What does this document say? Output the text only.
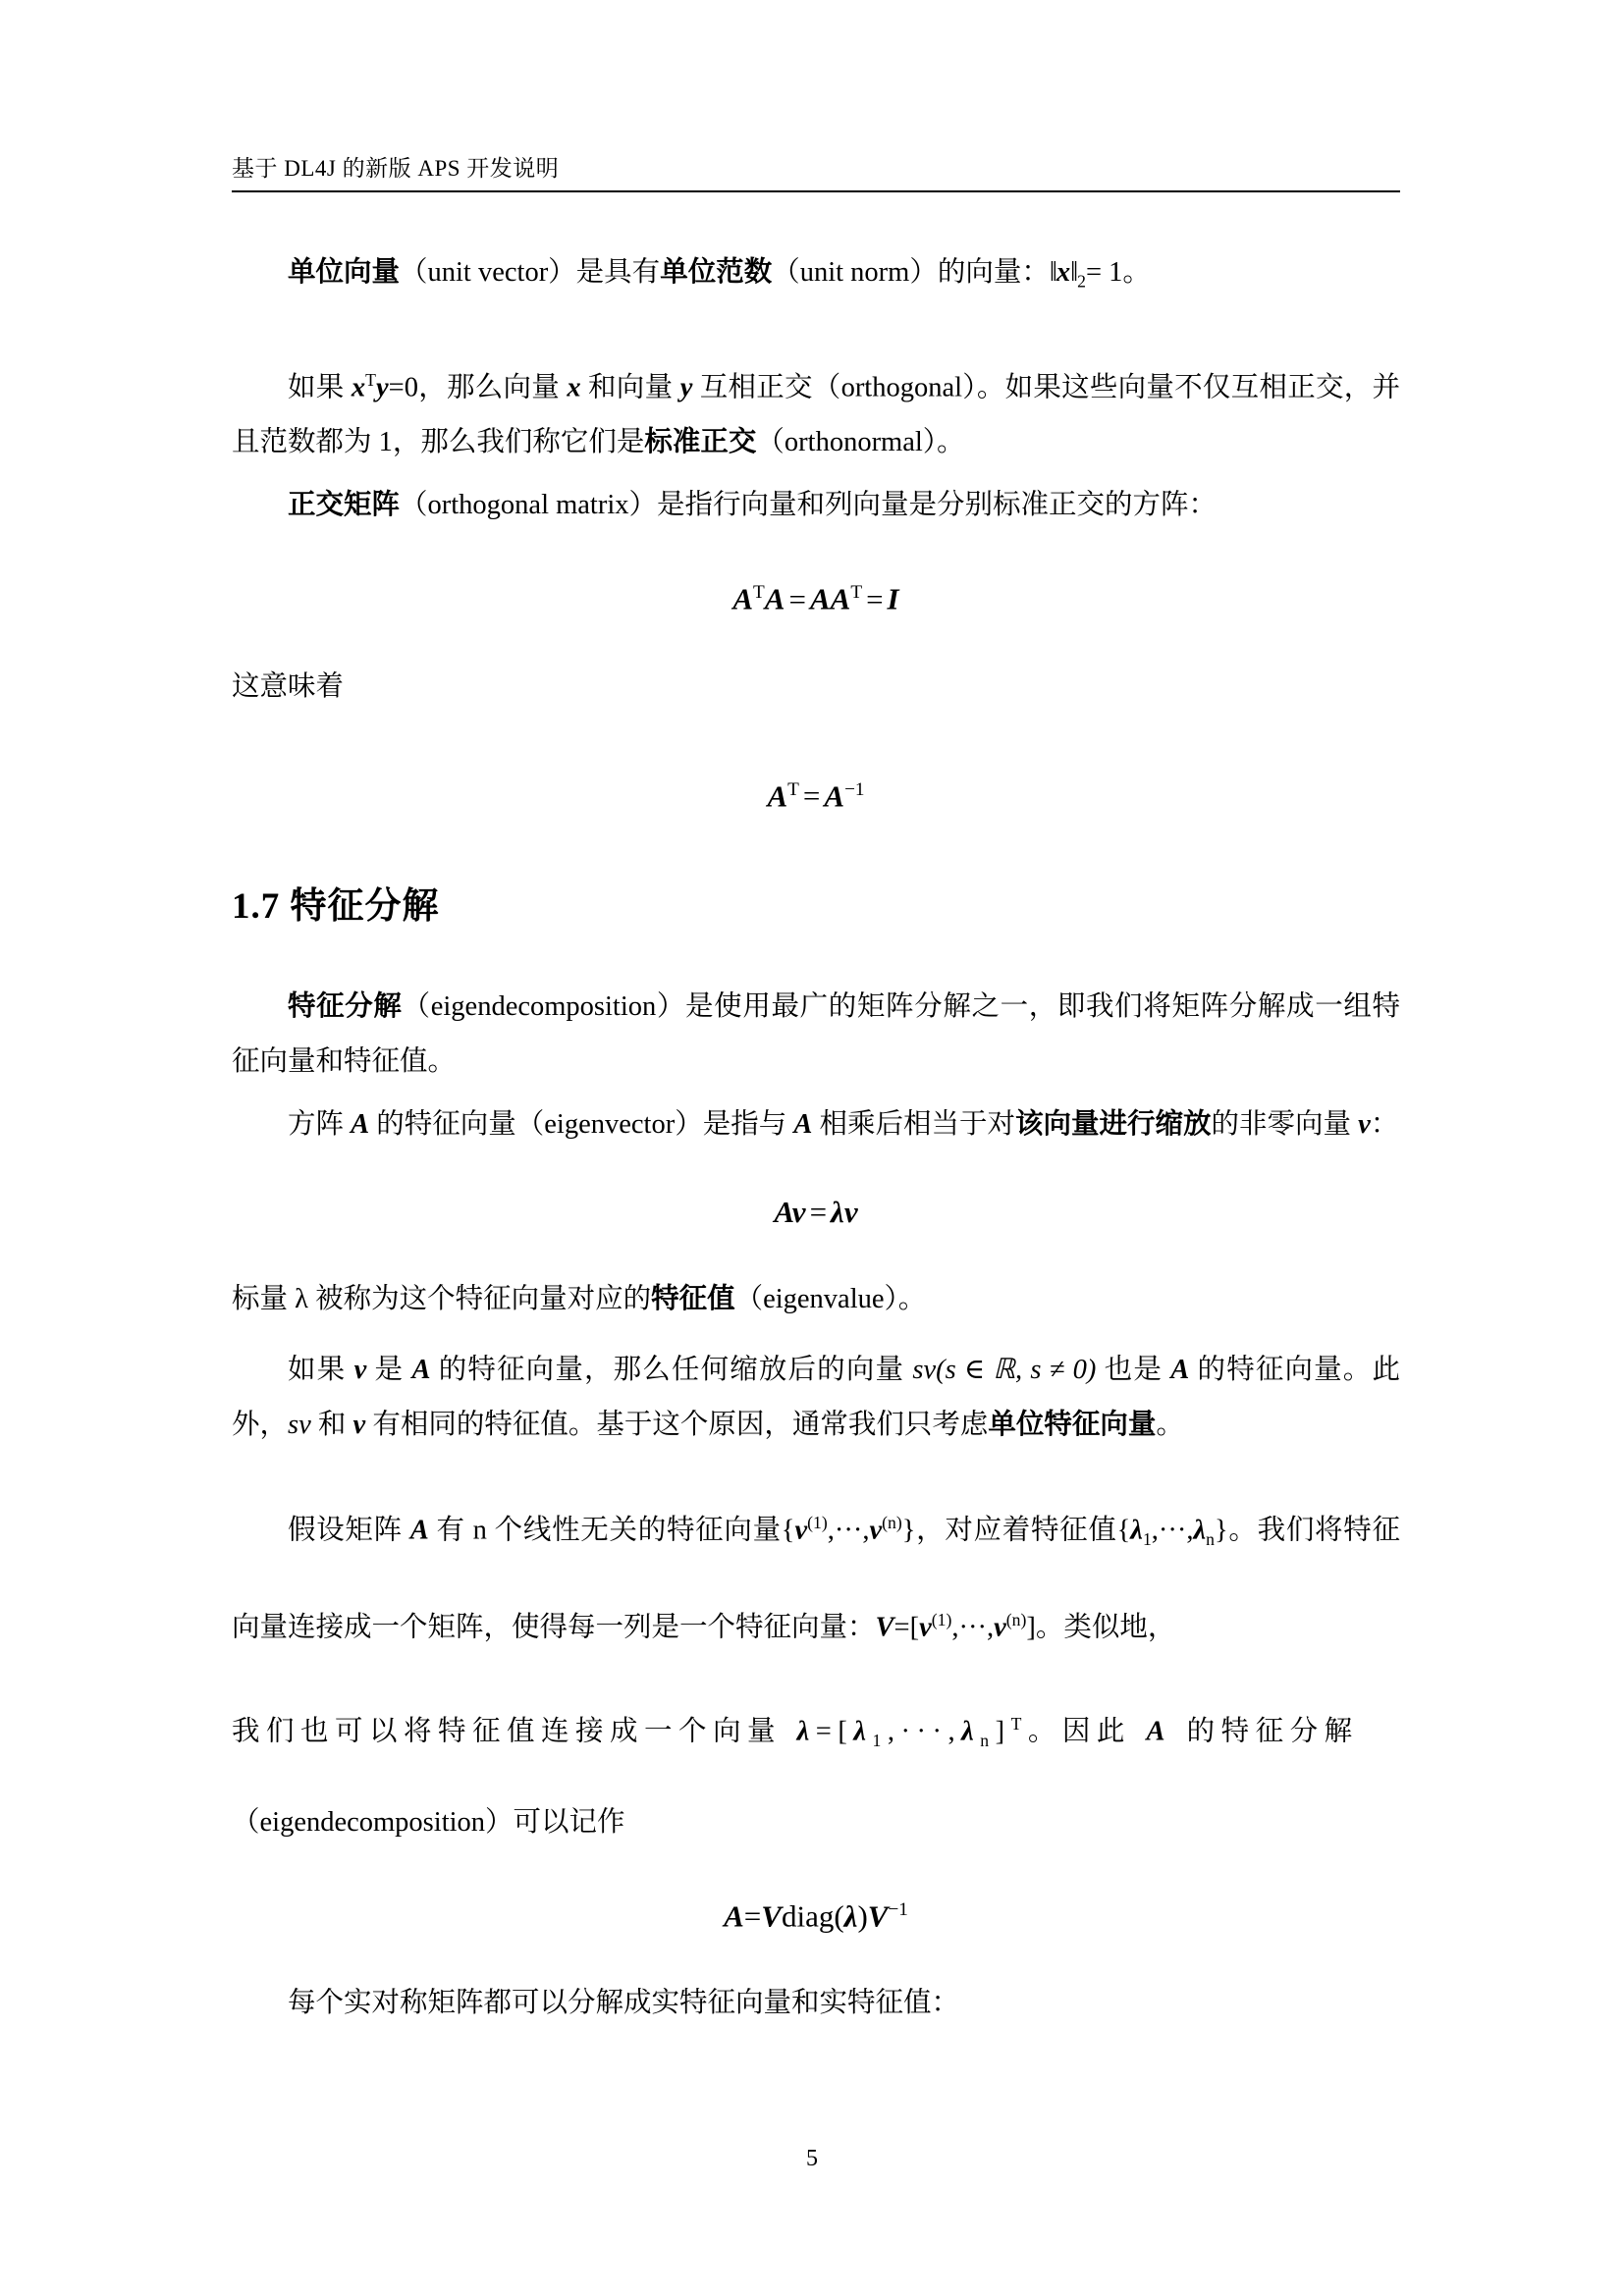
基于 DL4J 的新版 APS 开发说明

单位向量（unit vector）是具有单位范数（unit norm）的向量：$‖x‖_2= 1$。

如果 $x^Ty=0$，那么向量 x 和向量 y 互相正交（orthogonal）。如果这些向量不仅互相正交，并且范数都为 1，那么我们称它们是标准正交（orthonormal）。

正交矩阵（orthogonal matrix）是指行向量和列向量是分别标准正交的方阵：

$A^TA = AA^T = I$

这意味着

$A^T = A^{-1}$
1.7 特征分解

特征分解（eigendecomposition）是使用最广的矩阵分解之一，即我们将矩阵分解成一组特征向量和特征值。

方阵 A 的特征向量（eigenvector）是指与 A 相乘后相当于对该向量进行缩放的非零向量 v：

Av = λv

标量 λ 被称为这个特征向量对应的特征值（eigenvalue）。

如果 v 是 A 的特征向量，那么任何缩放后的向量 sv(s ∈ ℝ, s ≠ 0) 也是 A 的特征向量。此外，sv 和 v 有相同的特征值。基于这个原因，通常我们只考虑单位特征向量。

假设矩阵 A 有 n 个线性无关的特征向量$\{v^{(1)},\cdot\cdot\cdot,v^{(n)}\}$，对应着特征值$\{\lambda_1,\cdot\cdot\cdot,\lambda_n\}$。我们将特征向量连接成一个矩阵，使得每一列是一个特征向量：$V=[v^{(1)},\cdot\cdot\cdot,v^{(n)}]$。类似地，

我们也可以将特征值连接成一个向量 $\lambda=[\lambda_1,\cdot\cdot\cdot,\lambda_n]^T$。因此 A 的特征分解

（eigendecomposition）可以记作

$A=Vdiag(\lambda)V^{-1}$

每个实对称矩阵都可以分解成实特征向量和实特征值：

5
